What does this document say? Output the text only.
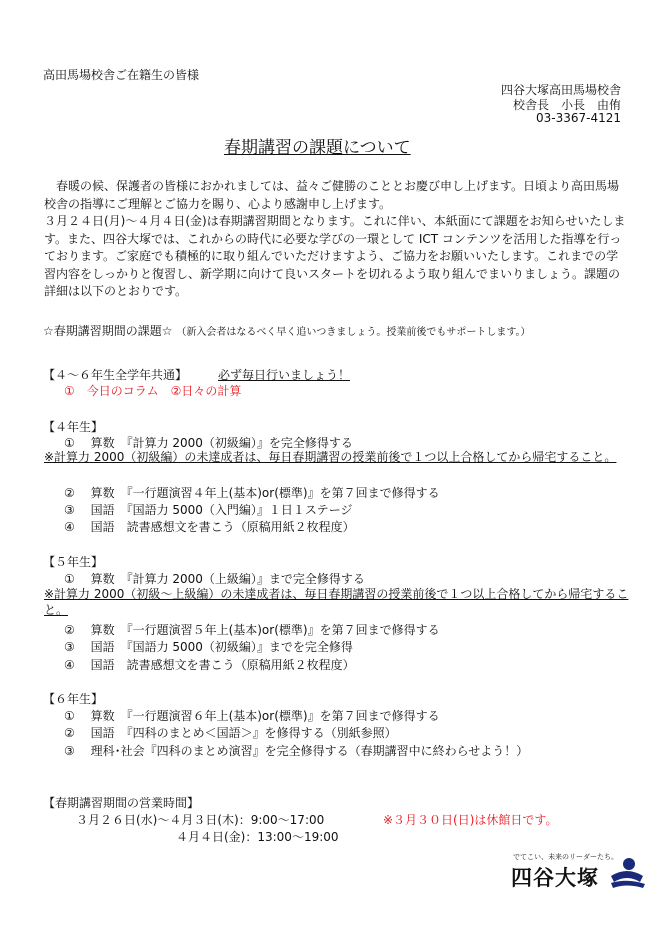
高田馬場校舎ご在籍生の皆様
四谷大塚高田馬場校舎
校舎長　小長　由侑
03-3367-4121
春期講習の課題について

春暖の候、保護者の皆様におかれましては、益々ご健勝のこととお慶び申し上げます。日頃より高田馬場校舎の指導にご理解とご協力を賜り、心より感謝申し上げます。

３月２４日(月)～４月４日(金)は春期講習期間となります。これに伴い、本紙面にて課題をお知らせいたします。また、四谷大塚では、これからの時代に必要な学びの一環として ICT コンテンツを活用した指導を行っております。ご家庭でも積極的に取り組んでいただけますよう、ご協力をお願いいたします。これまでの学習内容をしっかりと復習し、新学期に向けて良いスタートを切れるよう取り組んでまいりましょう。課題の詳細は以下のとおりです。

☆春期講習期間の課題☆ （新入会者はなるべく早く追いつきましょう。授業前後でもサポートします。）
【４～６年生全学年共通】	必ず毎日行いましょう！
①　今日のコラム　②日々の計算
【４年生】
①　 算数　『計算力 2000（初級編）』を完全修得する
※計算力 2000（初級編）の未達成者は、毎日春期講習の授業前後で１つ以上合格してから帰宅すること。
②　 算数　『一行題演習４年上(基本)or(標準)』を第７回まで修得する
③　 国語　『国語力 5000（入門編）』１日１ステージ
④　 国語　読書感想文を書こう（原稿用紙２枚程度）
【５年生】
①　 算数　『計算力 2000（上級編）』まで完全修得する
※計算力 2000（初級～上級編）の未達成者は、毎日春期講習の授業前後で１つ以上合格してから帰宅すること。
②　 算数　『一行題演習５年上(基本)or(標準)』を第７回まで修得する
③　 国語　『国語力 5000（初級編）』までを完全修得
④　 国語　読書感想文を書こう（原稿用紙２枚程度）
【６年生】
①　 算数　『一行題演習６年上(基本)or(標準)』を第７回まで修得する
②　 国語　『四科のまとめ＜国語＞』を修得する（別紙参照）
③　 理科･社会『四科のまとめ演習』を完全修得する（春期講習中に終わらせよう！）
【春期講習期間の営業時間】
３月２６日(水)～４月３日(木)：9:00～17:00	※３月３０日(日)は休館日です。
４月４日(金)：13:00～19:00
でてこい、未来のリーダーたち。
四谷大塚
